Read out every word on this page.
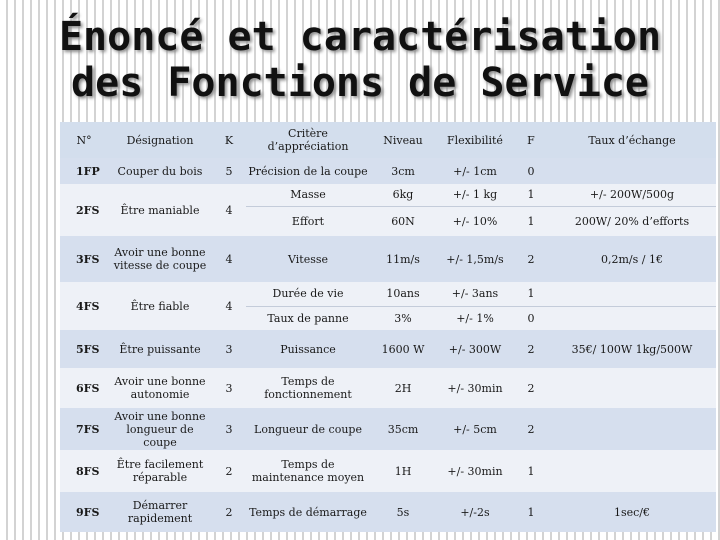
Énoncé et caractérisation
des Fonctions de Service
N°	Désignation	K	Critère d’appréciation	Niveau	Flexibilité	F	Taux d’échange
1FP	Couper du bois	5	Précision de la coupe	3cm	+/- 1cm	0	
2FS	Être maniable	4	Masse	6kg	+/- 1 kg	1	+/- 200W/500g
			Effort	60N	+/- 10%	1	200W/ 20% d’efforts
3FS	Avoir une bonne vitesse de coupe	4	Vitesse	11m/s	+/- 1,5m/s	2	0,2m/s / 1€
4FS	Être fiable	4	Durée de vie	10ans	+/- 3ans	1	
			Taux de panne	3%	+/- 1%	0	
5FS	Être puissante	3	Puissance	1600 W	+/- 300W	2	35€/ 100W 1kg/500W
6FS	Avoir une bonne autonomie	3	Temps de fonctionnement	2H	+/- 30min	2	
7FS	Avoir une bonne longueur de coupe	3	Longueur de coupe	35cm	+/- 5cm	2	
8FS	Être facilement réparable	2	Temps de maintenance moyen	1H	+/- 30min	1	
9FS	Démarrer rapidement	2	Temps de démarrage	5s	+/-2s	1	1sec/€
